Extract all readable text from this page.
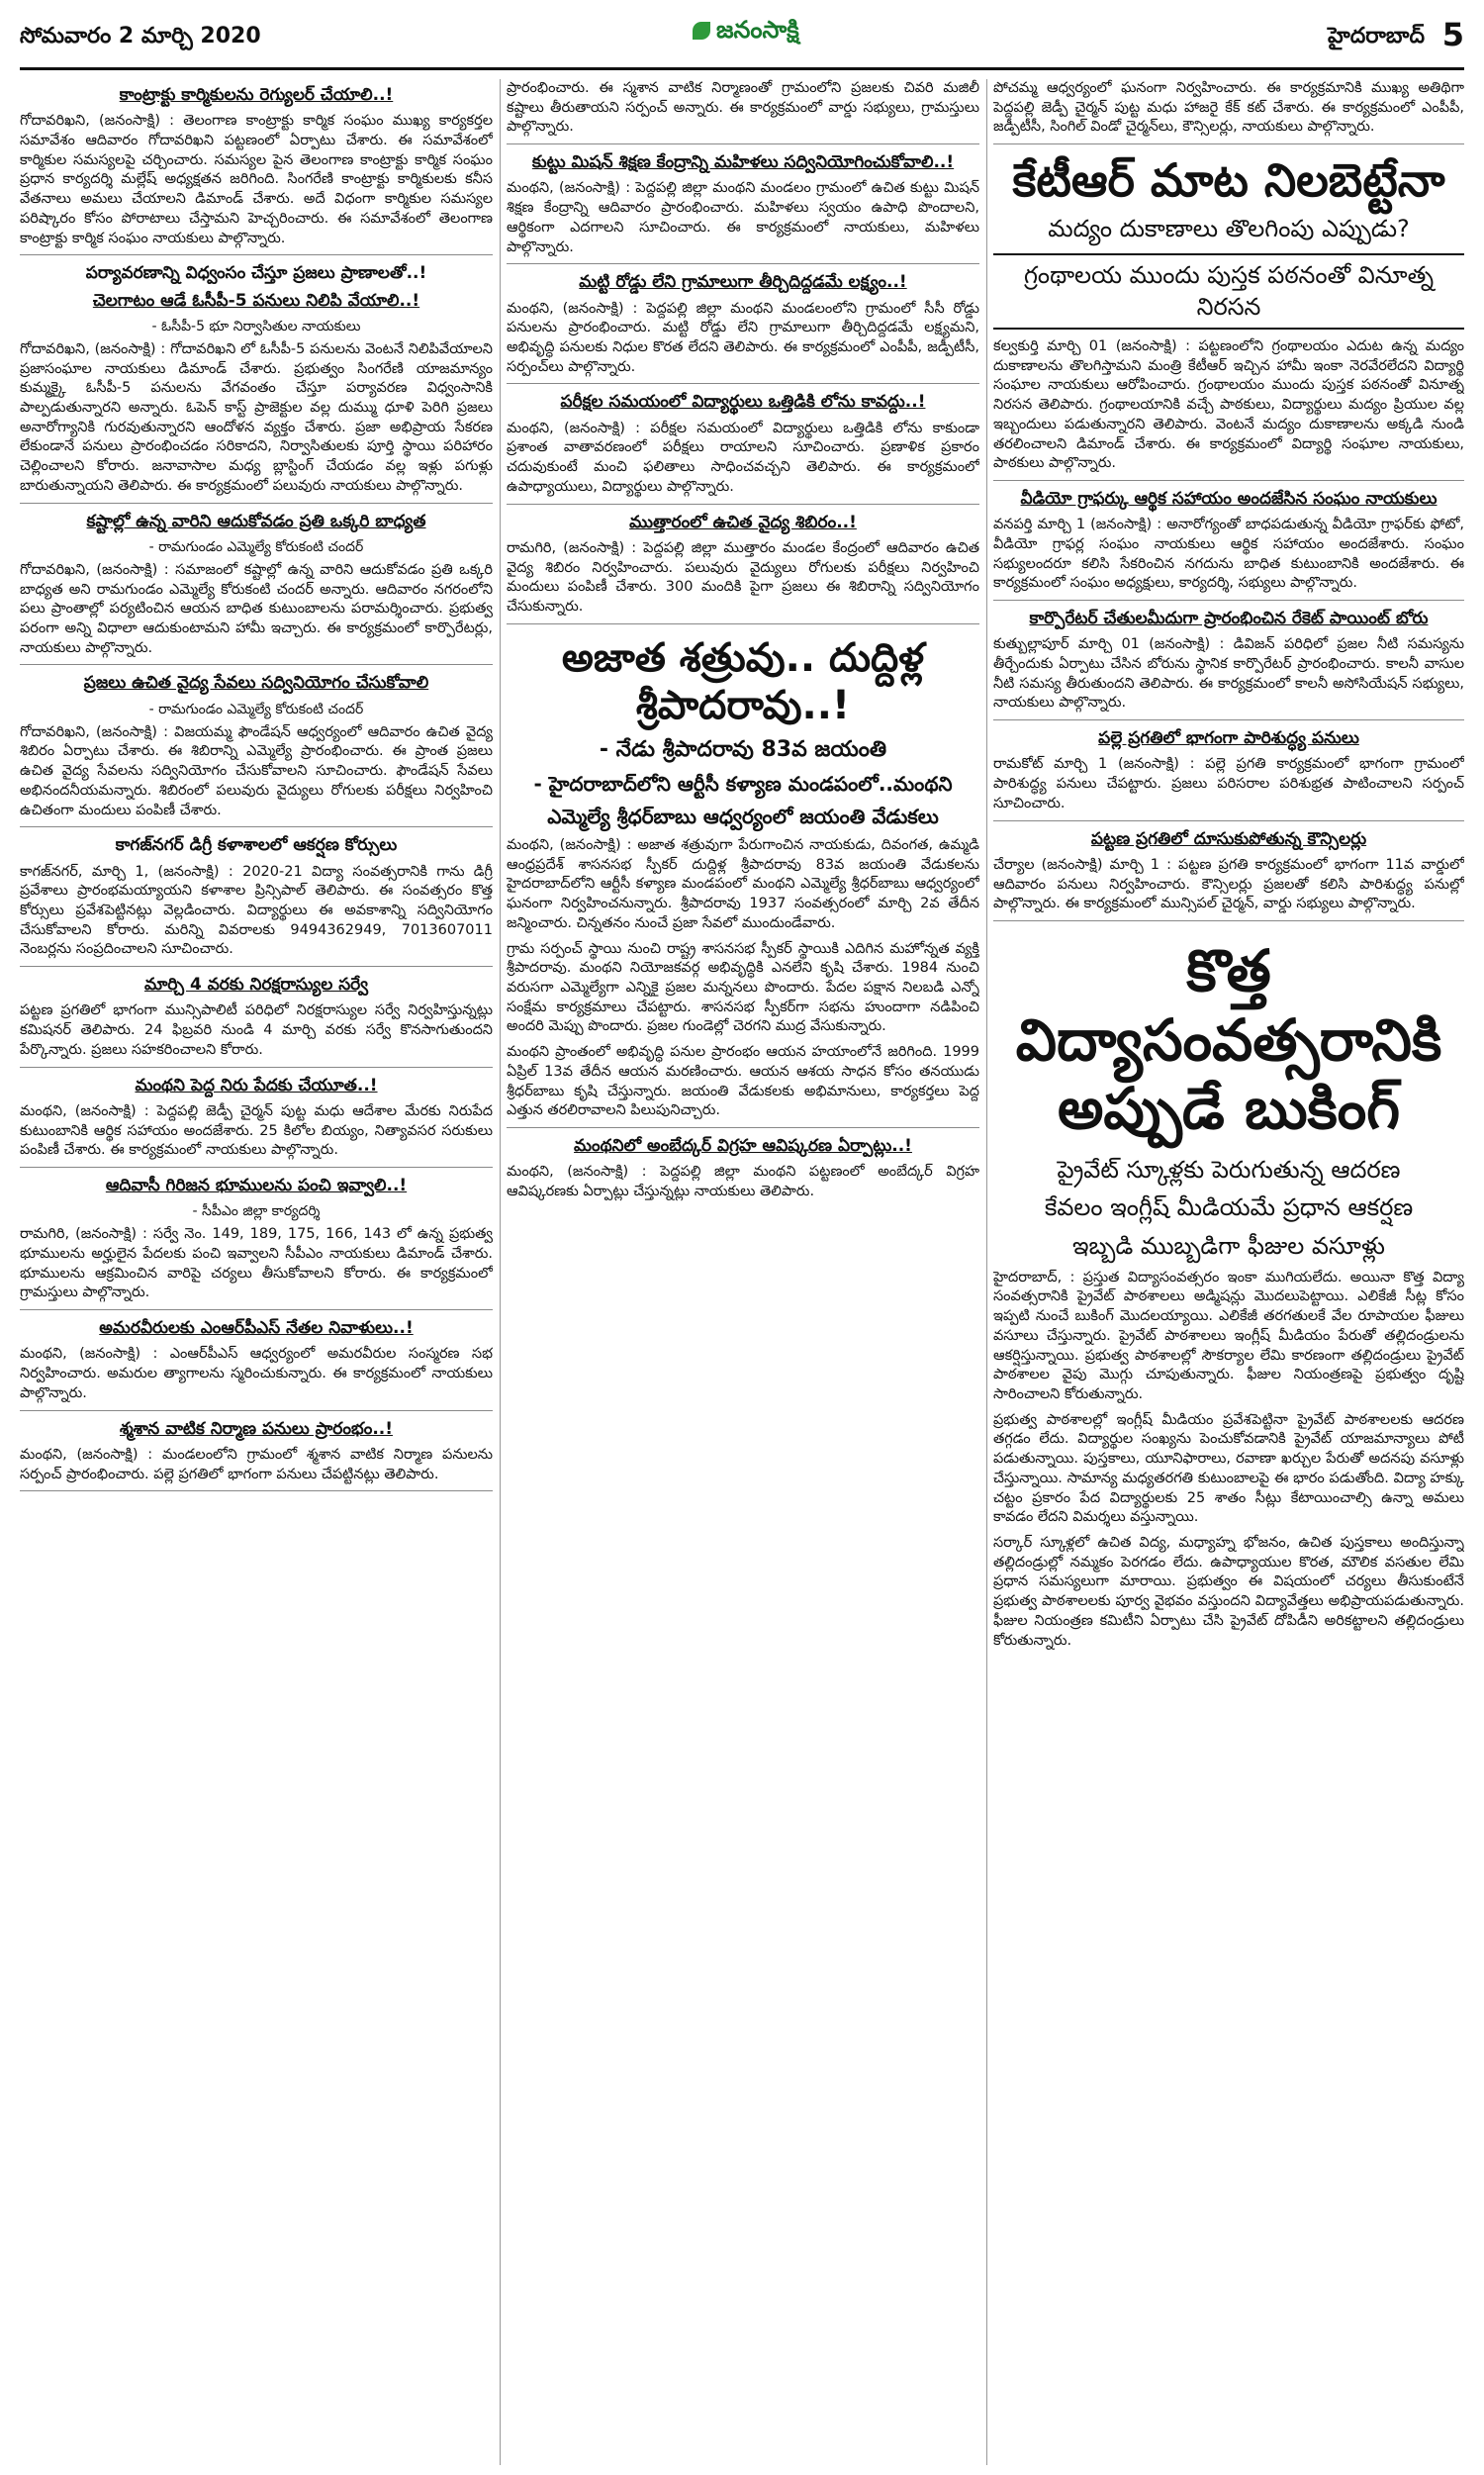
సోమవారం 2 మార్చి 2020	జనంసాక్షి	హైదరాబాద్ 5
కాంట్రాక్టు కార్మికులను రెగ్యులర్ చేయాలి..!

గోదావరిఖని, (జనంసాక్షి) : తెలంగాణ కాంట్రాక్టు కార్మిక సంఘం ముఖ్య కార్యకర్తల సమావేశం ఆదివారం గోదావరిఖని పట్టణంలో ఏర్పాటు చేశారు. ఈ సమావేశంలో కార్మికుల సమస్యలపై చర్చించారు. సమస్యల పైన తెలంగాణ కాంట్రాక్టు కార్మిక సంఘం ప్రధాన కార్యదర్శి మల్లేష్ అధ్యక్షతన జరిగింది. సింగరేణి కాంట్రాక్టు కార్మికులకు కనీస వేతనాలు అమలు చేయాలని డిమాండ్ చేశారు. అదే విధంగా కార్మికుల సమస్యల పరిష్కారం కోసం పోరాటాలు చేస్తామని హెచ్చరించారు. ఈ సమావేశంలో తెలంగాణ కాంట్రాక్టు కార్మిక సంఘం నాయకులు పాల్గొన్నారు.

పర్యావరణాన్ని విధ్వంసం చేస్తూ ప్రజలు ప్రాణాలతో..!
చెలగాటం ఆడే ఓసీపీ-5 పనులు నిలిపి వేయాలి..!
- ఓసీపీ-5 భూ నిర్వాసితుల నాయకులు

గోదావరిఖని, (జనంసాక్షి) : గోదావరిఖని లో ఓసీపీ-5 పనులను వెంటనే నిలిపివేయాలని ప్రజాసంఘాల నాయకులు డిమాండ్ చేశారు. ప్రభుత్వం సింగరేణి యాజమాన్యం కుమ్మక్కై ఓసీపీ-5 పనులను వేగవంతం చేస్తూ పర్యావరణ విధ్వంసానికి పాల్పడుతున్నారని అన్నారు. ఓపెన్ కాస్ట్ ప్రాజెక్టుల వల్ల దుమ్ము ధూళి పెరిగి ప్రజలు అనారోగ్యానికి గురవుతున్నారని ఆందోళన వ్యక్తం చేశారు. ప్రజా అభిప్రాయ సేకరణ లేకుండానే పనులు ప్రారంభించడం సరికాదని, నిర్వాసితులకు పూర్తి స్థాయి పరిహారం చెల్లించాలని కోరారు. జనావాసాల మధ్య బ్లాస్టింగ్ చేయడం వల్ల ఇళ్లు పగుళ్లు బారుతున్నాయని తెలిపారు. ఈ కార్యక్రమంలో పలువురు నాయకులు పాల్గొన్నారు.

కష్టాల్లో ఉన్న వారిని ఆదుకోవడం ప్రతి ఒక్కరి బాధ్యత
- రామగుండం ఎమ్మెల్యే కోరుకంటి చందర్

గోదావరిఖని, (జనంసాక్షి) : సమాజంలో కష్టాల్లో ఉన్న వారిని ఆదుకోవడం ప్రతి ఒక్కరి బాధ్యత అని రామగుండం ఎమ్మెల్యే కోరుకంటి చందర్ అన్నారు. ఆదివారం నగరంలోని పలు ప్రాంతాల్లో పర్యటించిన ఆయన బాధిత కుటుంబాలను పరామర్శించారు. ప్రభుత్వ పరంగా అన్ని విధాలా ఆదుకుంటామని హామీ ఇచ్చారు. ఈ కార్యక్రమంలో కార్పొరేటర్లు, నాయకులు పాల్గొన్నారు.

ప్రజలు ఉచిత వైద్య సేవలు సద్వినియోగం చేసుకోవాలి
- రామగుండం ఎమ్మెల్యే కోరుకంటి చందర్

గోదావరిఖని, (జనంసాక్షి) : విజయమ్మ ఫౌండేషన్ ఆధ్వర్యంలో ఆదివారం ఉచిత వైద్య శిబిరం ఏర్పాటు చేశారు. ఈ శిబిరాన్ని ఎమ్మెల్యే ప్రారంభించారు. ఈ ప్రాంత ప్రజలు ఉచిత వైద్య సేవలను సద్వినియోగం చేసుకోవాలని సూచించారు. ఫౌండేషన్ సేవలు అభినందనీయమన్నారు. శిబిరంలో పలువురు వైద్యులు రోగులకు పరీక్షలు నిర్వహించి ఉచితంగా మందులు పంపిణీ చేశారు.

కాగజ్‌నగర్ డిగ్రీ కళాశాలలో ఆకర్షణ కోర్సులు

కాగజ్‌నగర్, మార్చి 1, (జనంసాక్షి) : 2020-21 విద్యా సంవత్సరానికి గాను డిగ్రీ ప్రవేశాలు ప్రారంభమయ్యాయని కళాశాల ప్రిన్సిపాల్ తెలిపారు. ఈ సంవత్సరం కొత్త కోర్సులు ప్రవేశపెట్టినట్లు వెల్లడించారు. విద్యార్థులు ఈ అవకాశాన్ని సద్వినియోగం చేసుకోవాలని కోరారు. మరిన్ని వివరాలకు 9494362949, 7013607011 నెంబర్లను సంప్రదించాలని సూచించారు.

మార్చి 4 వరకు నిరక్షరాస్యుల సర్వే

పట్టణ ప్రగతిలో భాగంగా మున్సిపాలిటీ పరిధిలో నిరక్షరాస్యుల సర్వే నిర్వహిస్తున్నట్లు కమిషనర్ తెలిపారు. 24 ఫిబ్రవరి నుండి 4 మార్చి వరకు సర్వే కొనసాగుతుందని పేర్కొన్నారు. ప్రజలు సహకరించాలని కోరారు.

మంథని పెద్ద నిరు పేదకు చేయూత..!

మంథని, (జనంసాక్షి) : పెద్దపల్లి జెడ్పీ చైర్మన్ పుట్ట మధు ఆదేశాల మేరకు నిరుపేద కుటుంబానికి ఆర్థిక సహాయం అందజేశారు. 25 కిలోల బియ్యం, నిత్యావసర సరుకులు పంపిణీ చేశారు. ఈ కార్యక్రమంలో నాయకులు పాల్గొన్నారు.

ఆదివాసీ గిరిజన భూములను పంచి ఇవ్వాలి..!
- సీపీఎం జిల్లా కార్యదర్శి

రామగిరి, (జనంసాక్షి) : సర్వే నెం. 149, 189, 175, 166, 143 లో ఉన్న ప్రభుత్వ భూములను అర్హులైన పేదలకు పంచి ఇవ్వాలని సీపీఎం నాయకులు డిమాండ్ చేశారు. భూములను ఆక్రమించిన వారిపై చర్యలు తీసుకోవాలని కోరారు. ఈ కార్యక్రమంలో గ్రామస్తులు పాల్గొన్నారు.

అమరవీరులకు ఎంఆర్‌పీఎస్ నేతల నివాళులు..!

మంథని, (జనంసాక్షి) : ఎంఆర్‌పీఎస్ ఆధ్వర్యంలో అమరవీరుల సంస్మరణ సభ నిర్వహించారు. అమరుల త్యాగాలను స్మరించుకున్నారు. ఈ కార్యక్రమంలో నాయకులు పాల్గొన్నారు.

శ్మశాన వాటిక నిర్మాణ పనులు ప్రారంభం..!

మంథని, (జనంసాక్షి) : మండలంలోని గ్రామంలో శ్మశాన వాటిక నిర్మాణ పనులను సర్పంచ్ ప్రారంభించారు. పల్లె ప్రగతిలో భాగంగా పనులు చేపట్టినట్లు తెలిపారు.

ప్రారంభించారు. ఈ స్మశాన వాటిక నిర్మాణంతో గ్రామంలోని ప్రజలకు చివరి మజిలీ కష్టాలు తీరుతాయని సర్పంచ్ అన్నారు. ఈ కార్యక్రమంలో వార్డు సభ్యులు, గ్రామస్తులు పాల్గొన్నారు.

కుట్టు మిషన్ శిక్షణ కేంద్రాన్ని మహిళలు సద్వినియోగించుకోవాలి..!

మంథని, (జనంసాక్షి) : పెద్దపల్లి జిల్లా మంథని మండలం గ్రామంలో ఉచిత కుట్టు మిషన్ శిక్షణ కేంద్రాన్ని ఆదివారం ప్రారంభించారు. మహిళలు స్వయం ఉపాధి పొందాలని, ఆర్థికంగా ఎదగాలని సూచించారు. ఈ కార్యక్రమంలో నాయకులు, మహిళలు పాల్గొన్నారు.

మట్టి రోడ్డు లేని గ్రామాలుగా తీర్చిదిద్దడమే లక్ష్యం..!

మంథని, (జనంసాక్షి) : పెద్దపల్లి జిల్లా మంథని మండలంలోని గ్రామంలో సీసీ రోడ్డు పనులను ప్రారంభించారు. మట్టి రోడ్డు లేని గ్రామాలుగా తీర్చిదిద్దడమే లక్ష్యమని, అభివృద్ధి పనులకు నిధుల కొరత లేదని తెలిపారు. ఈ కార్యక్రమంలో ఎంపీపీ, జడ్పీటీసీ, సర్పంచ్‌లు పాల్గొన్నారు.

పరీక్షల సమయంలో విద్యార్థులు ఒత్తిడికి లోను కావద్దు..!

మంథని, (జనంసాక్షి) : పరీక్షల సమయంలో విద్యార్థులు ఒత్తిడికి లోను కాకుండా ప్రశాంత వాతావరణంలో పరీక్షలు రాయాలని సూచించారు. ప్రణాళిక ప్రకారం చదువుకుంటే మంచి ఫలితాలు సాధించవచ్చని తెలిపారు. ఈ కార్యక్రమంలో ఉపాధ్యాయులు, విద్యార్థులు పాల్గొన్నారు.

ముత్తారంలో ఉచిత వైద్య శిబిరం..!

రామగిరి, (జనంసాక్షి) : పెద్దపల్లి జిల్లా ముత్తారం మండల కేంద్రంలో ఆదివారం ఉచిత వైద్య శిబిరం నిర్వహించారు. పలువురు వైద్యులు రోగులకు పరీక్షలు నిర్వహించి మందులు పంపిణీ చేశారు. 300 మందికి పైగా ప్రజలు ఈ శిబిరాన్ని సద్వినియోగం చేసుకున్నారు.

అజాత శత్రువు.. దుద్దిళ్ల శ్రీపాదరావు..!
- నేడు శ్రీపాదరావు 83వ జయంతి
- హైదరాబాద్‌లోని ఆర్టీసీ కళ్యాణ మండపంలో..మంథని
ఎమ్మెల్యే శ్రీధర్‌బాబు ఆధ్వర్యంలో జయంతి వేడుకలు

మంథని, (జనంసాక్షి) : అజాత శత్రువుగా పేరుగాంచిన నాయకుడు, దివంగత, ఉమ్మడి ఆంధ్రప్రదేశ్ శాసనసభ స్పీకర్ దుద్దిళ్ల శ్రీపాదరావు 83వ జయంతి వేడుకలను హైదరాబాద్‌లోని ఆర్టీసీ కళ్యాణ మండపంలో మంథని ఎమ్మెల్యే శ్రీధర్‌బాబు ఆధ్వర్యంలో ఘనంగా నిర్వహించనున్నారు. శ్రీపాదరావు 1937 సంవత్సరంలో మార్చి 2వ తేదీన జన్మించారు. చిన్నతనం నుంచే ప్రజా సేవలో ముందుండేవారు.

గ్రామ సర్పంచ్ స్థాయి నుంచి రాష్ట్ర శాసనసభ స్పీకర్ స్థాయికి ఎదిగిన మహోన్నత వ్యక్తి శ్రీపాదరావు. మంథని నియోజకవర్గ అభివృద్ధికి ఎనలేని కృషి చేశారు. 1984 నుంచి వరుసగా ఎమ్మెల్యేగా ఎన్నికై ప్రజల మన్ననలు పొందారు. పేదల పక్షాన నిలబడి ఎన్నో సంక్షేమ కార్యక్రమాలు చేపట్టారు. శాసనసభ స్పీకర్‌గా సభను హుందాగా నడిపించి అందరి మెప్పు పొందారు. ప్రజల గుండెల్లో చెరగని ముద్ర వేసుకున్నారు.

మంథని ప్రాంతంలో అభివృద్ధి పనుల ప్రారంభం ఆయన హయాంలోనే జరిగింది. 1999 ఏప్రిల్ 13వ తేదీన ఆయన మరణించారు. ఆయన ఆశయ సాధన కోసం తనయుడు శ్రీధర్‌బాబు కృషి చేస్తున్నారు. జయంతి వేడుకలకు అభిమానులు, కార్యకర్తలు పెద్ద ఎత్తున తరలిరావాలని పిలుపునిచ్చారు.

మంథనిలో అంబేద్కర్ విగ్రహ ఆవిష్కరణ ఏర్పాట్లు..!

మంథని, (జనంసాక్షి) : పెద్దపల్లి జిల్లా మంథని పట్టణంలో అంబేద్కర్ విగ్రహ ఆవిష్కరణకు ఏర్పాట్లు చేస్తున్నట్లు నాయకులు తెలిపారు.

పోచమ్మ ఆధ్వర్యంలో ఘనంగా నిర్వహించారు. ఈ కార్యక్రమానికి ముఖ్య అతిథిగా పెద్దపల్లి జెడ్పీ చైర్మన్ పుట్ట మధు హాజరై కేక్ కట్ చేశారు. ఈ కార్యక్రమంలో ఎంపీపీ, జడ్పీటీసీ, సింగిల్ విండో చైర్మన్‌లు, కౌన్సిలర్లు, నాయకులు పాల్గొన్నారు.

కేటీఆర్ మాట నిలబెట్టేనా
మద్యం దుకాణాలు తొలగింపు ఎప్పుడు?
గ్రంథాలయ ముందు పుస్తక పఠనంతో వినూత్న నిరసన

కల్వకుర్తి మార్చి 01 (జనంసాక్షి) : పట్టణంలోని గ్రంథాలయం ఎదుట ఉన్న మద్యం దుకాణాలను తొలగిస్తామని మంత్రి కేటీఆర్ ఇచ్చిన హామీ ఇంకా నెరవేరలేదని విద్యార్థి సంఘాల నాయకులు ఆరోపించారు. గ్రంథాలయం ముందు పుస్తక పఠనంతో వినూత్న నిరసన తెలిపారు. గ్రంథాలయానికి వచ్చే పాఠకులు, విద్యార్థులు మద్యం ప్రియుల వల్ల ఇబ్బందులు పడుతున్నారని తెలిపారు. వెంటనే మద్యం దుకాణాలను అక్కడి నుండి తరలించాలని డిమాండ్ చేశారు. ఈ కార్యక్రమంలో విద్యార్థి సంఘాల నాయకులు, పాఠకులు పాల్గొన్నారు.

వీడియో గ్రాఫర్కు ఆర్థిక సహాయం అందజేసిన సంఘం నాయకులు

వనపర్తి మార్చి 1 (జనంసాక్షి) : అనారోగ్యంతో బాధపడుతున్న వీడియో గ్రాఫర్‌కు ఫోటో, వీడియో గ్రాఫర్ల సంఘం నాయకులు ఆర్థిక సహాయం అందజేశారు. సంఘం సభ్యులందరూ కలిసి సేకరించిన నగదును బాధిత కుటుంబానికి అందజేశారు. ఈ కార్యక్రమంలో సంఘం అధ్యక్షులు, కార్యదర్శి, సభ్యులు పాల్గొన్నారు.

కార్పొరేటర్ చేతులమీదుగా ప్రారంభించిన రేకెట్ పాయింట్ బోరు

కుత్బుల్లాపూర్ మార్చి 01 (జనంసాక్షి) : డివిజన్ పరిధిలో ప్రజల నీటి సమస్యను తీర్చేందుకు ఏర్పాటు చేసిన బోరును స్థానిక కార్పొరేటర్ ప్రారంభించారు. కాలనీ వాసుల నీటి సమస్య తీరుతుందని తెలిపారు. ఈ కార్యక్రమంలో కాలనీ అసోసియేషన్ సభ్యులు, నాయకులు పాల్గొన్నారు.

పల్లె ప్రగతిలో భాగంగా పారిశుద్ధ్య పనులు

రామకోట్ మార్చి 1 (జనంసాక్షి) : పల్లె ప్రగతి కార్యక్రమంలో భాగంగా గ్రామంలో పారిశుద్ధ్య పనులు చేపట్టారు. ప్రజలు పరిసరాల పరిశుభ్రత పాటించాలని సర్పంచ్ సూచించారు.

పట్టణ ప్రగతిలో దూసుకుపోతున్న కౌన్సిలర్లు

చేర్యాల (జనంసాక్షి) మార్చి 1 : పట్టణ ప్రగతి కార్యక్రమంలో భాగంగా 11వ వార్డులో ఆదివారం పనులు నిర్వహించారు. కౌన్సిలర్లు ప్రజలతో కలిసి పారిశుద్ధ్య పనుల్లో పాల్గొన్నారు. ఈ కార్యక్రమంలో మున్సిపల్ చైర్మన్, వార్డు సభ్యులు పాల్గొన్నారు.

కొత్త విద్యాసంవత్సరానికి అప్పుడే బుకింగ్
ప్రైవేట్ స్కూళ్లకు పెరుగుతున్న ఆదరణ
కేవలం ఇంగ్లీష్ మీడియమే ప్రధాన ఆకర్షణ
ఇబ్బడి ముబ్బడిగా ఫీజుల వసూళ్లు

హైదరాబాద్, : ప్రస్తుత విద్యాసంవత్సరం ఇంకా ముగియలేదు. అయినా కొత్త విద్యా సంవత్సరానికి ప్రైవేట్ పాఠశాలలు అడ్మిషన్లు మొదలుపెట్టాయి. ఎలికేజీ సీట్ల కోసం ఇప్పటి నుంచే బుకింగ్ మొదలయ్యాయి. ఎలికేజీ తరగతులకే వేల రూపాయల ఫీజులు వసూలు చేస్తున్నారు. ప్రైవేట్ పాఠశాలలు ఇంగ్లీష్ మీడియం పేరుతో తల్లిదండ్రులను ఆకర్షిస్తున్నాయి. ప్రభుత్వ పాఠశాలల్లో సౌకర్యాల లేమి కారణంగా తల్లిదండ్రులు ప్రైవేట్ పాఠశాలల వైపు మొగ్గు చూపుతున్నారు. ఫీజుల నియంత్రణపై ప్రభుత్వం దృష్టి సారించాలని కోరుతున్నారు.

ప్రభుత్వ పాఠశాలల్లో ఇంగ్లీష్ మీడియం ప్రవేశపెట్టినా ప్రైవేట్ పాఠశాలలకు ఆదరణ తగ్గడం లేదు. విద్యార్థుల సంఖ్యను పెంచుకోవడానికి ప్రైవేట్ యాజమాన్యాలు పోటీ పడుతున్నాయి. పుస్తకాలు, యూనిఫారాలు, రవాణా ఖర్చుల పేరుతో అదనపు వసూళ్లు చేస్తున్నాయి. సామాన్య మధ్యతరగతి కుటుంబాలపై ఈ భారం పడుతోంది. విద్యా హక్కు చట్టం ప్రకారం పేద విద్యార్థులకు 25 శాతం సీట్లు కేటాయించాల్సి ఉన్నా అమలు కావడం లేదని విమర్శలు వస్తున్నాయి.

సర్కార్ స్కూళ్లలో ఉచిత విద్య, మధ్యాహ్న భోజనం, ఉచిత పుస్తకాలు అందిస్తున్నా తల్లిదండ్రుల్లో నమ్మకం పెరగడం లేదు. ఉపాధ్యాయుల కొరత, మౌలిక వసతుల లేమి ప్రధాన సమస్యలుగా మారాయి. ప్రభుత్వం ఈ విషయంలో చర్యలు తీసుకుంటేనే ప్రభుత్వ పాఠశాలలకు పూర్వ వైభవం వస్తుందని విద్యావేత్తలు అభిప్రాయపడుతున్నారు. ఫీజుల నియంత్రణ కమిటీని ఏర్పాటు చేసి ప్రైవేట్ దోపిడీని అరికట్టాలని తల్లిదండ్రులు కోరుతున్నారు.
